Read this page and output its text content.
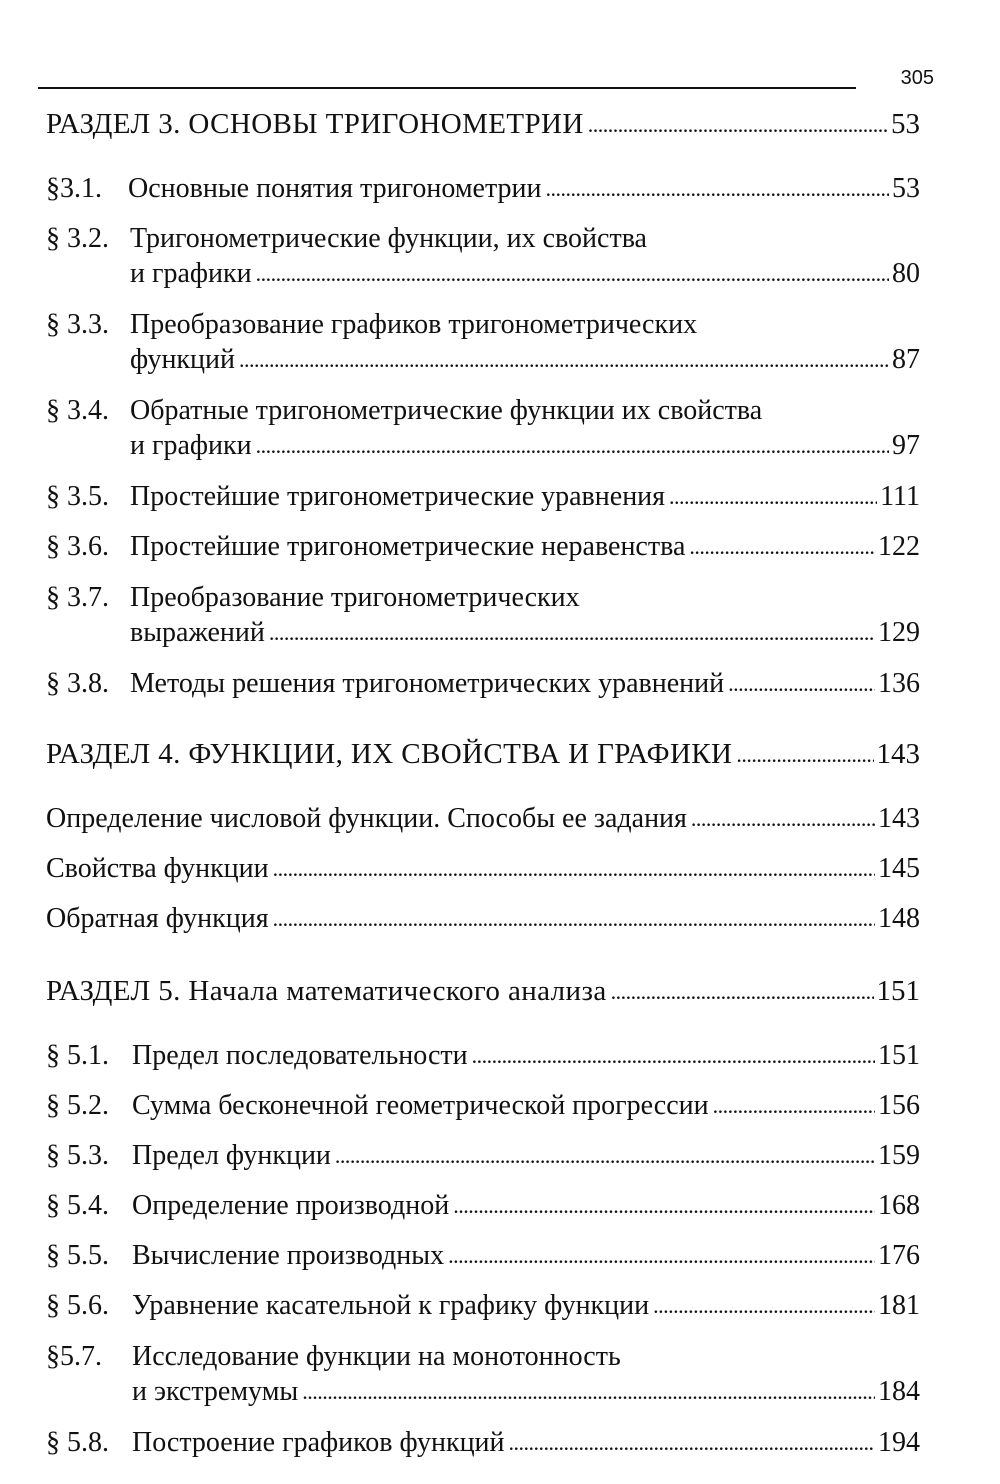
305
РАЗДЕЛ 3. ОСНОВЫ ТРИГОНОМЕТРИИ . . .	53
§3.1. Основные понятия тригонометрии . . .	53
§ 3.2. Тригонометрические функции, их свойства
и графики . . .	80
§ 3.3. Преобразование графиков тригонометрических
функций . . .	87
§ 3.4. Обратные тригонометрические функции их свойства
и графики . . .	97
§ 3.5. Простейшие тригонометрические уравнения . . .	111
§ 3.6. Простейшие тригонометрические неравенства . . .	122
§ 3.7. Преобразование тригонометрических
выражений . . .	129
§ 3.8. Методы решения тригонометрических уравнений . . .	136
РАЗДЕЛ 4. ФУНКЦИИ, ИХ СВОЙСТВА И ГРАФИКИ . . .	143
Определение числовой функции. Способы ее задания . . .	143
Свойства функции . . .	145
Обратная функция . . .	148
РАЗДЕЛ 5. Начала математического анализа . . .	151
§ 5.1. Предел последовательности . . .	151
§ 5.2. Сумма бесконечной геометрической прогрессии . . .	156
§ 5.3. Предел функции . . .	159
§ 5.4. Определение производной . . .	168
§ 5.5. Вычисление производных . . .	176
§ 5.6. Уравнение касательной к графику функции . . .	181
§5.7. Исследование функции на монотонность
и экстремумы . . .	184
§ 5.8. Построение графиков функций . . .	194
